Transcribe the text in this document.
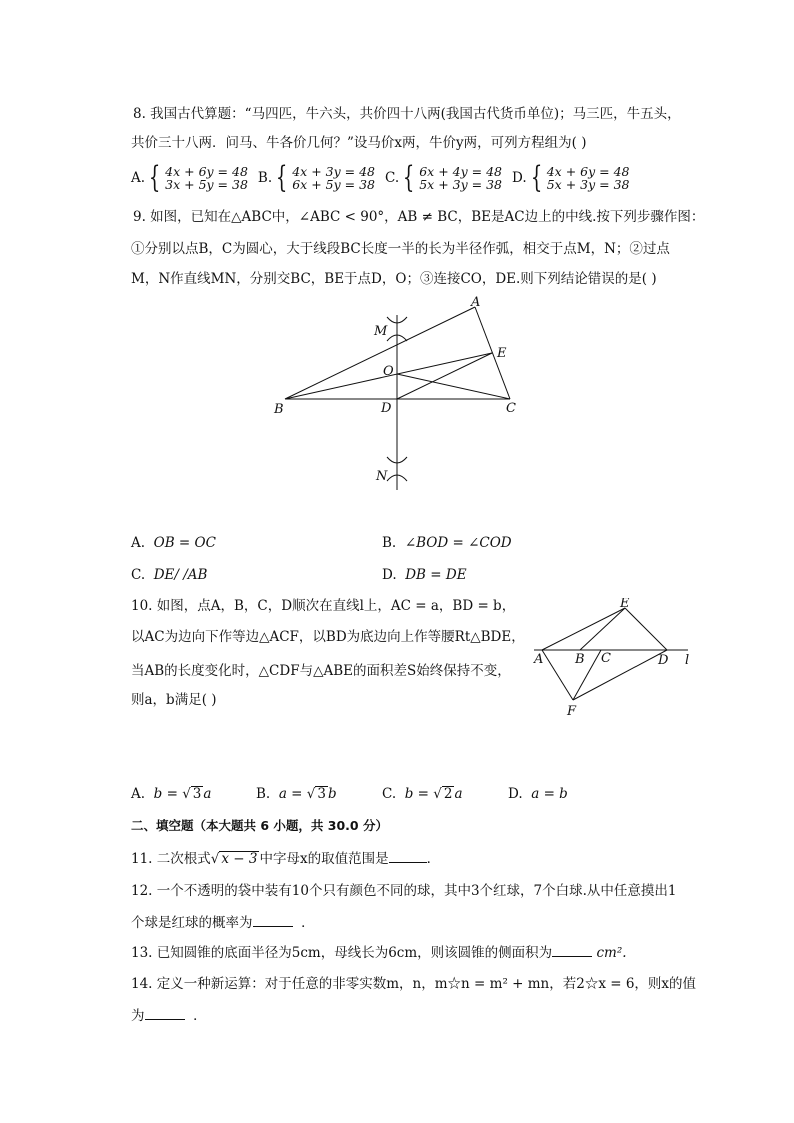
8. 我国古代算题：“马四匹，牛六头，共价四十八两(我国古代货币单位)；马三匹，牛五头，
共价三十八两．问马、牛各价几何？”设马价x两，牛价y两，可列方程组为( )
A. { 4x + 6y = 48
3x + 5y = 38 B. { 4x + 3y = 48
6x + 5y = 38 C. { 6x + 4y = 48
5x + 3y = 38 D. { 4x + 6y = 48
5x + 3y = 38
9. 如图，已知在△ABC中，∠ABC < 90°，AB ≠ BC，BE是AC边上的中线.按下列步骤作图：
①分别以点B，C为圆心，大于线段BC长度一半的长为半径作弧，相交于点M，N；②过点
M，N作直线MN，分别交BC，BE于点D，O；③连接CO，DE.则下列结论错误的是( )
A
B	C
D
E
O
M
N
A. OB = OC	B. ∠BOD = ∠COD
C. DE/ /AB	D. DB = DE
10. 如图，点A，B，C，D顺次在直线l上，AC = a，BD = b，
以AC为边向下作等边△ACF，以BD为底边向上作等腰Rt△BDE，
当AB的长度变化时，△CDF与△ABE的面积差S始终保持不变，
则a，b满足( )
E
A B C	D l
F
A. b = √ 3 a	B. a = √ 3 b	C. b = √ 2 a	D. a = b
二、填空题（本大题共 6 小题，共 30.0 分）
11. 二次根式√ x − 3 中字母x的取值范围是	．
12. 一个不透明的袋中装有10个只有颜色不同的球，其中3个红球，7个白球.从中任意摸出1
个球是红球的概率为	．
13. 已知圆锥的底面半径为5cm，母线长为6cm，则该圆锥的侧面积为	cm².
14. 定义一种新运算：对于任意的非零实数m，n，m☆n = m² + mn，若2☆x = 6，则x的值
为	．
